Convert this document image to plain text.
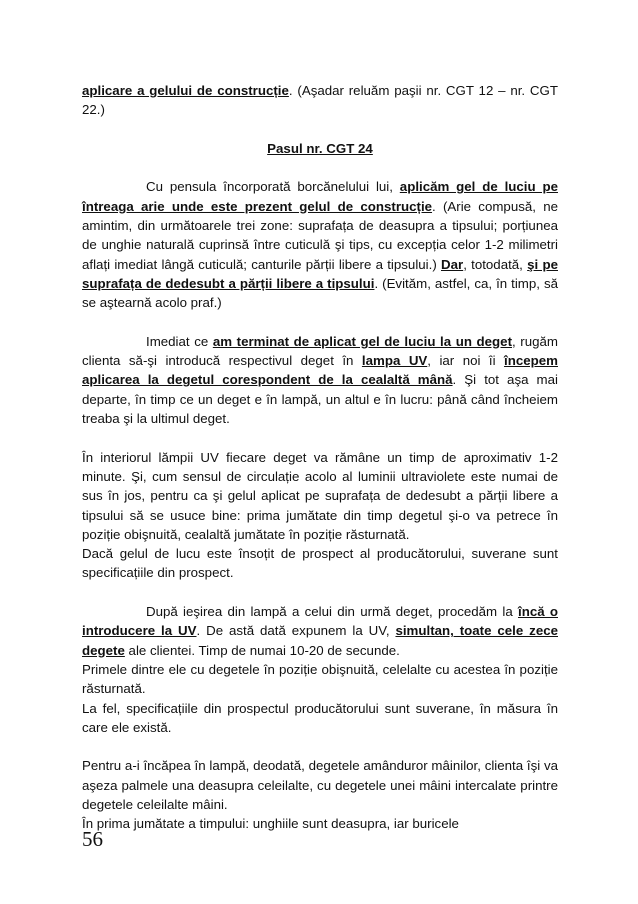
aplicare a gelului de construcție. (Aşadar reluăm paşii nr. CGT 12 – nr. CGT 22.)

Pasul nr. CGT 24

Cu pensula încorporată borcănelului lui, aplicăm gel de luciu pe întreaga arie unde este prezent gelul de construcție. (Arie compusă, ne amintim, din următoarele trei zone: suprafața de deasupra a tipsului; porțiunea de unghie naturală cuprinsă între cuticulă şi tips, cu excepția celor 1-2 milimetri aflați imediat lângă cuticulă; canturile părții libere a tipsului.) Dar, totodată, şi pe suprafața de dedesubt a părții libere a tipsului. (Evităm, astfel, ca, în timp, să se aştearnă acolo praf.)

Imediat ce am terminat de aplicat gel de luciu la un deget, rugăm clienta să-şi introducă respectivul deget în lampa UV, iar noi îi începem aplicarea la degetul corespondent de la cealaltă mână. Şi tot aşa mai departe, în timp ce un deget e în lampă, un altul e în lucru: până când încheiem treaba şi la ultimul deget.

În interiorul lămpii UV fiecare deget va rămâne un timp de aproximativ 1-2 minute. Şi, cum sensul de circulație acolo al luminii ultraviolete este numai de sus în jos, pentru ca şi gelul aplicat pe suprafața de dedesubt a părții libere a tipsului să se usuce bine: prima jumătate din timp degetul şi-o va petrece în poziție obişnuită, cealaltă jumătate în poziție răsturnată.

Dacă gelul de lucu este însoțit de prospect al producătorului, suverane sunt specificațiile din prospect.

După ieşirea din lampă a celui din urmă deget, procedăm la încă o introducere la UV. De astă dată expunem la UV, simultan, toate cele zece degete ale clientei. Timp de numai 10-20 de secunde.

Primele dintre ele cu degetele în poziție obişnuită, celelalte cu acestea în poziție răsturnată.

La fel, specificațiile din prospectul producătorului sunt suverane, în măsura în care ele există.

Pentru a-i încăpea în lampă, deodată, degetele amânduror mâinilor, clienta îşi va aşeza palmele una deasupra celeilalte, cu degetele unei mâini intercalate printre degetele celeilalte mâini.

În prima jumătate a timpului: unghiile sunt deasupra, iar buricele

56
